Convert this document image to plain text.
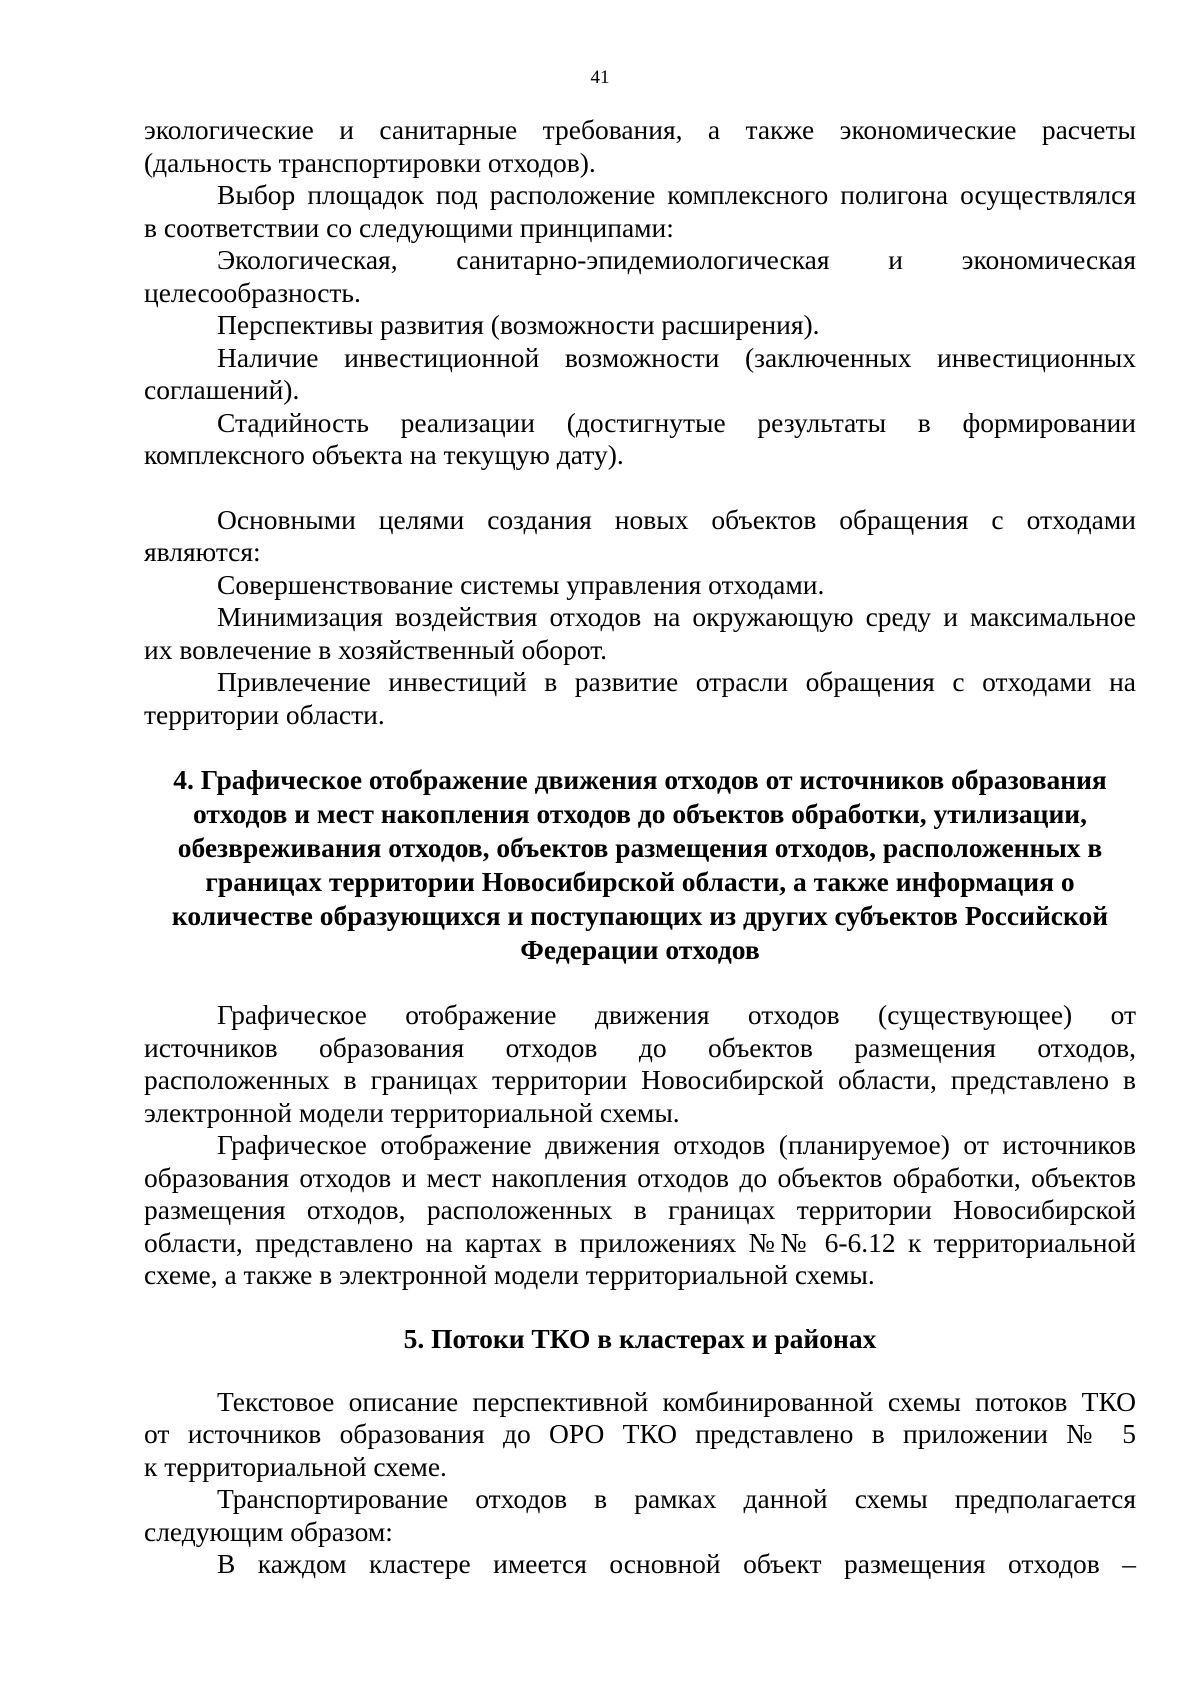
41

экологические и санитарные требования, а также экономические расчеты
(дальность транспортировки отходов).

Выбор площадок под расположение комплексного полигона осуществлялся
в соответствии со следующими принципами:

Экологическая, санитарно-эпидемиологическая и экономическая
целесообразность.

Перспективы развития (возможности расширения).

Наличие инвестиционной возможности (заключенных инвестиционных
соглашений).

Стадийность реализации (достигнутые результаты в формировании
комплексного объекта на текущую дату).

Основными целями создания новых объектов обращения с отходами
являются:

Совершенствование системы управления отходами.

Минимизация воздействия отходов на окружающую среду и максимальное
их вовлечение в хозяйственный оборот.

Привлечение инвестиций в развитие отрасли обращения с отходами на
территории области.

4. Графическое отображение движения отходов от источников образования
отходов и мест накопления отходов до объектов обработки, утилизации,
обезвреживания отходов, объектов размещения отходов, расположенных в
границах территории Новосибирской области, а также информация о
количестве образующихся и поступающих из других субъектов Российской
Федерации отходов

Графическое отображение движения отходов (существующее) от
источников образования отходов до объектов размещения отходов,
расположенных в границах территории Новосибирской области, представлено в
электронной модели территориальной схемы.

Графическое отображение движения отходов (планируемое) от источников
образования отходов и мест накопления отходов до объектов обработки, объектов
размещения отходов, расположенных в границах территории Новосибирской
области, представлено на картах в приложениях №№ 6-6.12 к территориальной
схеме, а также в электронной модели территориальной схемы.

5. Потоки ТКО в кластерах и районах

Текстовое описание перспективной комбинированной схемы потоков ТКО
от источников образования до ОРО ТКО представлено в приложении № 5
к территориальной схеме.

Транспортирование отходов в рамках данной схемы предполагается
следующим образом:

В каждом кластере имеется основной объект размещения отходов –
